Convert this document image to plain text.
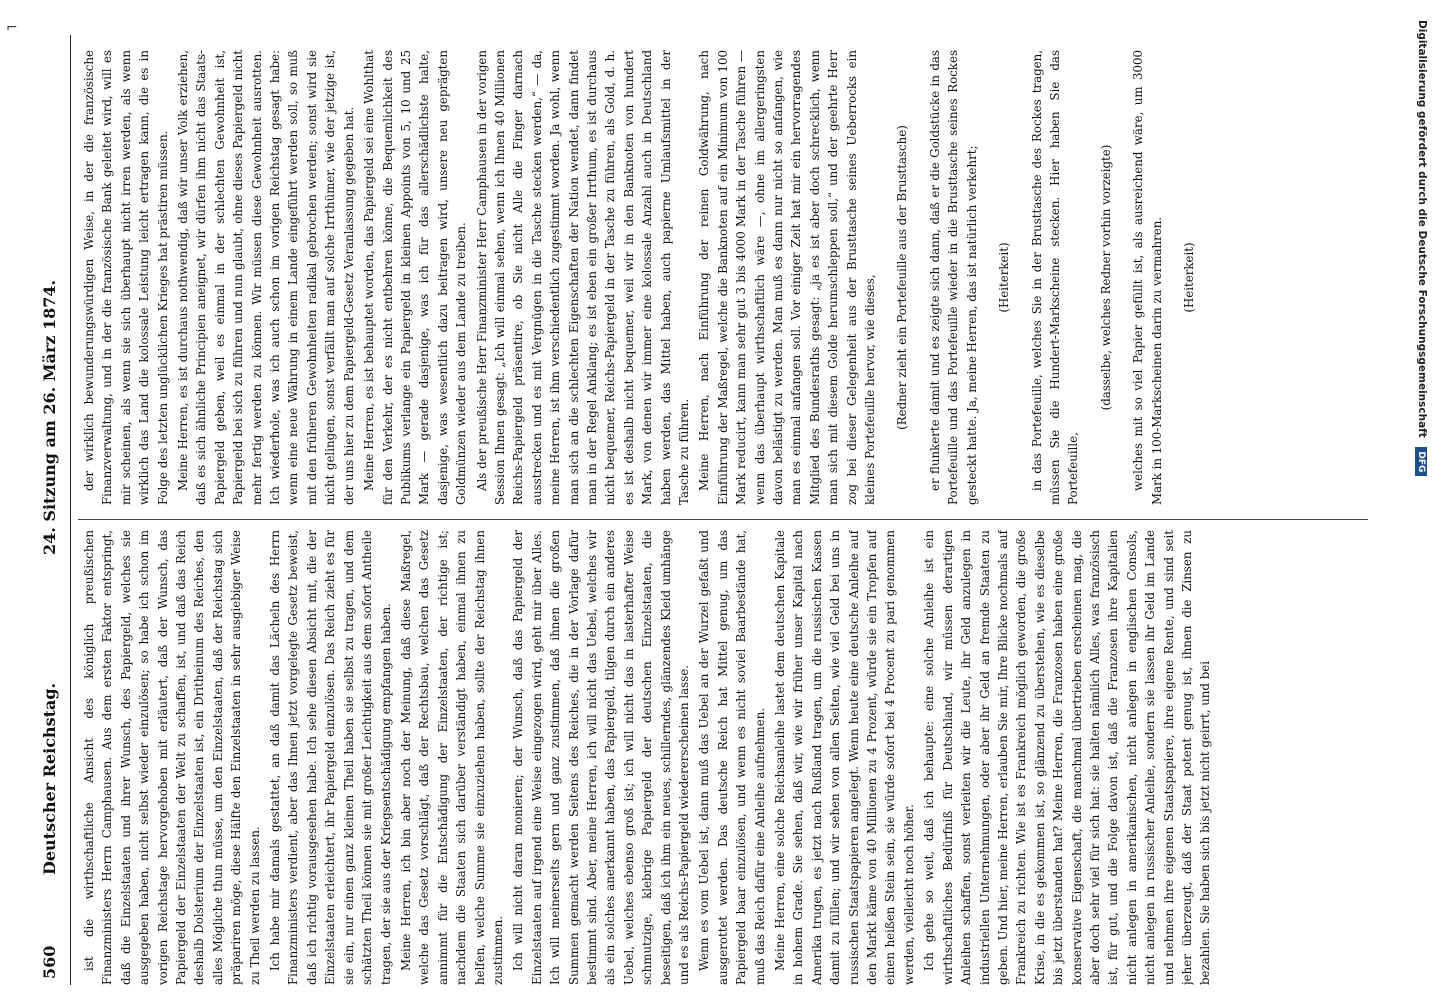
⌐
560
Deutscher Reichstag.
24. Sitzung am 26. März 1874.

ist die wirthschaftliche Ansicht des königlich preußischen Finanzministers Herrn Camphausen. Aus dem ersten Faktor entspringt, daß die Einzelstaaten und ihrer Wunsch, des Papiergeld, welches sie ausgegeben haben, nicht selbst wieder einzulösen; so habe ich schon im vorigen Reichstage hervorgehoben mit erläutert, daß der Wunsch, das Papiergeld der Einzelstaaten der Welt zu schaffen, ist, und daß das Reich deshalb Dolsterium der Einzelstaaten ist, ein Dritheinum des Reiches, den alles Mögliche thun müsse, um den Einzelstaaten, daß der Reichstag sich präpariren möge, diese Hälfte den Einzelstaaten in sehr ausgiebiger Weise zu Theil werden zu lassen. Ich habe mir damals gestattet, an daß damit das Lächeln des Herrn Finanzministers verdient, aber das Ihnen jetzt vorgelegte Gesetz beweist, daß ich richtig vorausgesehen habe. Ich sehe diesen Absicht mit, die der Einzelstaaten erleichtert, ihr Papiergeld einzulösen. Das Reich zieht es für sie ein, nur einen ganz kleinen Theil haben sie selbst zu tragen, und dem schätzten Theil können sie mit großer Leichtigkeit aus dem sofort Antheile tragen, der sie aus der Kriegsentschädigung empfangen haben. Meine Herren, ich bin aber noch der Meinung, daß diese Maßregel, welche das Gesetz vorschlägt, daß der Rechtsbau, welchen das Gesetz annimmt für die Entschädigung der Einzelstaaten, der richtige ist; nachdem die Staaten sich darüber verständigt haben, einmal ihnen zu helfen, welche Summe sie einzuziehen haben, sollte der Reichstag ihnen zustimmen. Ich will nicht daran monieren; der Wunsch, daß das Papiergeld der Einzelstaaten auf irgend eine Weise eingezogen wird, geht mir über Alles. Ich will meinerseits gern und ganz zustimmen, daß ihnen die großen Summen gemacht werden Seitens des Reiches, die in der Vorlage dafür bestimmt sind. Aber, meine Herren, ich will nicht das Uebel, welches wir als ein solches anerkannt haben, das Papiergeld, tilgen durch ein anderes Uebel, welches ebenso groß ist; ich will nicht das in lasterhafter Weise schmutzige, klebrige Papiergeld der deutschen Einzelstaaten, die beseitigen, daß ich ihm ein neues, schillerndes, glänzendes Kleid umhänge und es als Reichs-Papiergeld wiedererscheinen lasse. Wenn es vom Uebel ist, dann muß das Uebel an der Wurzel gefaßt und ausgerottet werden. Das deutsche Reich hat Mittel genug, um das Papiergeld baar einzulösen, und wenn es nicht soviel Baarbestände hat, muß das Reich dafür eine Anleihe aufnehmen. Meine Herren, eine solche Reichsanleihe lastet dem deutschen Kapitale in hohem Grade. Sie sehen, daß wir, wie wir früher unser Kapital nach Amerika trugen, es jetzt nach Rußland tragen, um die russischen Kassen damit zu füllen; und wir sehen von allen Seiten, wie viel Geld bei uns in russischen Staatspapieren angelegt. Wenn heute eine deutsche Anleihe auf den Markt käme von 40 Millionen zu 4 Prozent, würde sie ein Tropfen auf einen heißen Stein sein, sie würde sofort bei 4 Procent zu pari genommen werden, vielleicht noch höher. Ich gehe so weit, daß ich behaupte: eine solche Anleihe ist ein wirthschaftliches Bedürfniß für Deutschland, wir müssen derartigen Anleihen schaffen, sonst verleiten wir die Leute, ihr Geld anzulegen in industriellen Unternehmungen, oder aber ihr Geld an fremde Staaten zu geben. Und hier, meine Herren, erlauben Sie mir, Ihre Blicke nochmals auf Frankreich zu richten. Wie ist es Frankreich möglich geworden, die große Krise, in die es gekommen ist, so glänzend zu überstehen, wie es dieselbe bis jetzt überstanden hat? Meine Herren, die Franzosen haben eine große konservative Eigenschaft, die manchmal übertrieben erscheinen mag, die aber doch sehr viel für sich hat: sie halten nämlich Alles, was französisch ist, für gut, und die Folge davon ist, daß die Franzosen ihre Kapitalien nicht anlegen in amerikanischen, nicht anlegen in englischen Consols, nicht anlegen in russischer Anleihe, sondern sie lassen ihr Geld im Lande und nehmen ihre eigenen Staatspapiere, ihre eigene Rente, und sind seit jeher überzeugt, daß der Staat potent genug ist, ihnen die Zinsen zu bezahlen. Sie haben sich bis jetzt nicht geirrt, und bei

der wirklich bewunderungswürdigen Weise, in der die französische Finanzverwaltung, und in der die französische Bank geleitet wird, will es mir scheinen, als wenn sie sich überhaupt nicht irren werden, als wenn wirklich das Land die kolossale Leistung leicht ertragen kann, die es in Folge des letzten unglücklichen Krieges hat prästiren müssen. Meine Herren, es ist durchaus nothwendig, daß wir unser Volk erziehen, daß es sich ähnliche Principien aneignet, wir dürfen ihm nicht das Staats-Papiergeld geben, weil es einmal in der schlechten Gewohnheit ist, Papiergeld bei sich zu führen und nun glaubt, ohne dieses Papiergeld nicht mehr fertig werden zu können. Wir müssen diese Gewohnheit ausrotten. Ich wiederhole, was ich auch schon im vorigen Reichstag gesagt habe: wenn eine neue Währung in einem Lande eingeführt werden soll, so muß mit den früheren Gewohnheiten radikal gebrochen werden; sonst wird sie nicht gelingen, sonst verfällt man auf solche Irrthümer, wie der jetzige ist, der uns hier zu dem Papiergeld-Gesetz Veranlassung gegeben hat. Meine Herren, es ist behauptet worden, das Papiergeld sei eine Wohlthat für den Verkehr, der es nicht entbehren könne, die Bequemlichkeit des Publikums verlange ein Papiergeld in kleinen Appoints von 5, 10 und 25 Mark — gerade dasjenige, was ich für das allerschädlichste halte, dasjenige, was wesentlich dazu beitragen wird, unsere neu geprägten Goldmünzen wieder aus dem Lande zu treiben. Als der preußische Herr Finanzminister Herr Camphausen in der vorigen Session Ihnen gesagt: „Ich will einmal sehen, wenn ich Ihnen 40 Millionen Reichs-Papiergeld präsentire, ob Sie nicht Alle die Finger darnach ausstrecken und es mit Vergnügen in die Tasche stecken werden,“ — da, meine Herren, ist ihm verschiedentlich zugestimmt worden. Ja wohl, wenn man sich an die schlechten Eigenschaften der Nation wendet, dann findet man in der Regel Anklang; es ist eben ein großer Irrthum, es ist durchaus nicht bequemer, Reichs-Papiergeld in der Tasche zu führen, als Gold, d. h. es ist deshalb nicht bequemer, weil wir in den Banknoten von hundert Mark, von denen wir immer eine kolossale Anzahl auch in Deutschland haben werden, das Mittel haben, auch papierne Umlaufsmittel in der Tasche zu führen. Meine Herren, nach Einführung der reinen Goldwährung, nach Einführung der Maßregel, welche die Banknoten auf ein Minimum von 100 Mark reducirt, kann man sehr gut 3 bis 4000 Mark in der Tasche führen — wenn das überhaupt wirthschaftlich wäre —, ohne im allergeringsten davon belästigt zu werden. Man muß es dann nur nicht so anfangen, wie man es einmal anfangen soll. Vor einiger Zeit hat mir ein hervorragendes Mitglied des Bundesraths gesagt: „ja es ist aber doch schrecklich, wenn man sich mit diesem Golde herumschleppen soll,“ und der geehrte Herr zog bei dieser Gelegenheit aus der Brusttasche seines Ueberrocks ein kleines Portefeuille hervor, wie dieses, (Redner zieht ein Portefeuille aus der Brusttasche) er flunkerte damit und es zeigte sich dann, daß er die Goldstücke in das Portefeuille und das Portefeuille wieder in die Brusttasche seines Rockes gesteckt hatte. Ja, meine Herren, das ist natürlich verkehrt; (Heiterkeit) in das Portefeuille, welches Sie in der Brusttasche des Rockes tragen, müssen Sie die Hundert-Markscheine stecken. Hier haben Sie das Portefeuille,

(dasselbe, welches Redner vorhin vorzeigte) welches mit so viel Papier gefüllt ist, als ausreichend wäre, um 3000 Mark in 100-Markscheinen darin zu vermahren. (Heiterkeit)	Digitalisierung gefördert durch die Deutsche Forschungsgemeinschaft DFG
